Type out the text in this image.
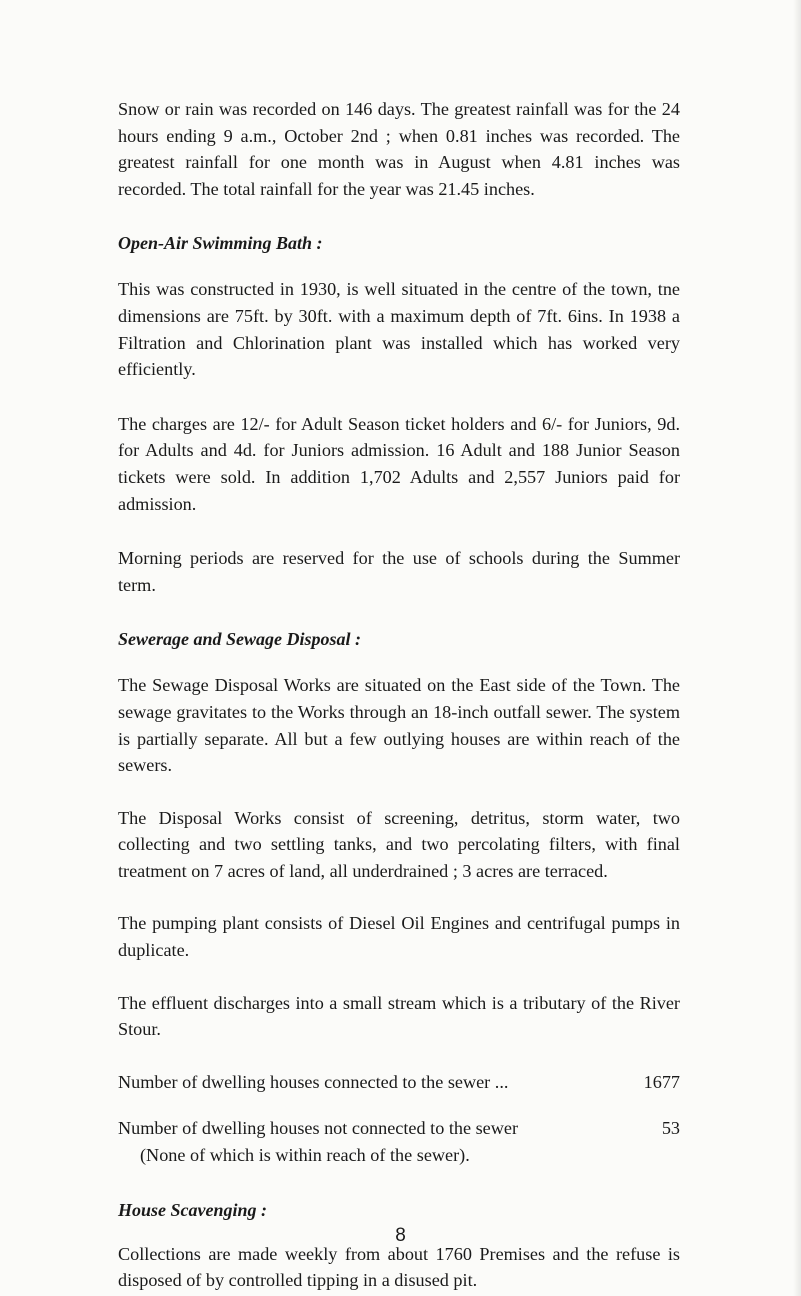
Snow or rain was recorded on 146 days. The greatest rainfall was for the 24 hours ending 9 a.m., October 2nd ; when 0.81 inches was recorded. The greatest rainfall for one month was in August when 4.81 inches was recorded. The total rainfall for the year was 21.45 inches.

Open-Air Swimming Bath :

This was constructed in 1930, is well situated in the centre of the town, tne dimensions are 75ft. by 30ft. with a maximum depth of 7ft. 6ins. In 1938 a Filtration and Chlorination plant was installed which has worked very efficiently.

The charges are 12/- for Adult Season ticket holders and 6/- for Juniors, 9d. for Adults and 4d. for Juniors admission. 16 Adult and 188 Junior Season tickets were sold. In addition 1,702 Adults and 2,557 Juniors paid for admission.

Morning periods are reserved for the use of schools during the Summer term.

Sewerage and Sewage Disposal :

The Sewage Disposal Works are situated on the East side of the Town. The sewage gravitates to the Works through an 18-inch outfall sewer. The system is partially separate. All but a few outlying houses are within reach of the sewers.

The Disposal Works consist of screening, detritus, storm water, two collecting and two settling tanks, and two percolating filters, with final treatment on 7 acres of land, all underdrained ; 3 acres are terraced.

The pumping plant consists of Diesel Oil Engines and centrifugal pumps in duplicate.

The effluent discharges into a small stream which is a tributary of the River Stour.

Number of dwelling houses connected to the sewer ...	1677
Number of dwelling houses not connected to the sewer	53
(None of which is within reach of the sewer).

House Scavenging :

Collections are made weekly from about 1760 Premises and the refuse is disposed of by controlled tipping in a disused pit.

8
